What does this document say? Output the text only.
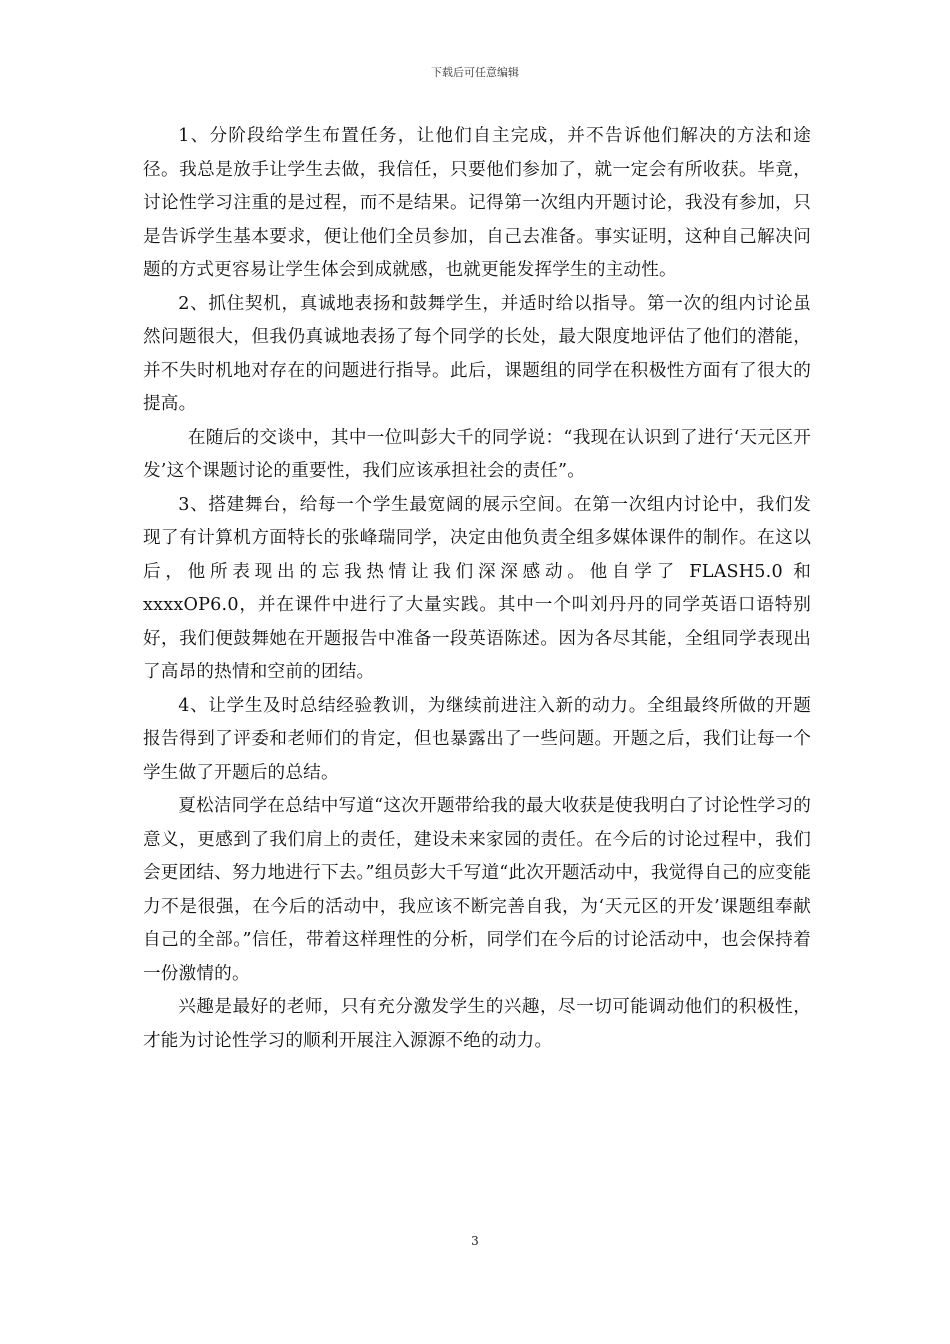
下载后可任意编辑

1、分阶段给学生布置任务，让他们自主完成，并不告诉他们解决的方法和途径。我总是放手让学生去做，我信任，只要他们参加了，就一定会有所收获。毕竟，讨论性学习注重的是过程，而不是结果。记得第一次组内开题讨论，我没有参加，只是告诉学生基本要求，便让他们全员参加，自己去准备。事实证明，这种自己解决问题的方式更容易让学生体会到成就感，也就更能发挥学生的主动性。

2、抓住契机，真诚地表扬和鼓舞学生，并适时给以指导。第一次的组内讨论虽然问题很大，但我仍真诚地表扬了每个同学的长处，最大限度地评估了他们的潜能，并不失时机地对存在的问题进行指导。此后，课题组的同学在积极性方面有了很大的提高。

在随后的交谈中，其中一位叫彭大千的同学说：“我现在认识到了进行‘天元区开发’这个课题讨论的重要性，我们应该承担社会的责任”。

3、搭建舞台，给每一个学生最宽阔的展示空间。在第一次组内讨论中，我们发现了有计算机方面特长的张峰瑞同学，决定由他负责全组多媒体课件的制作。在这以后，他所表现出的忘我热情让我们深深感动。他自学了 FLASH5.0 和 xxxxOP6.0，并在课件中进行了大量实践。其中一个叫刘丹丹的同学英语口语特别好，我们便鼓舞她在开题报告中准备一段英语陈述。因为各尽其能，全组同学表现出了高昂的热情和空前的团结。

4、让学生及时总结经验教训，为继续前进注入新的动力。全组最终所做的开题报告得到了评委和老师们的肯定，但也暴露出了一些问题。开题之后，我们让每一个学生做了开题后的总结。

夏松洁同学在总结中写道“这次开题带给我的最大收获是使我明白了讨论性学习的意义，更感到了我们肩上的责任，建设未来家园的责任。在今后的讨论过程中，我们会更团结、努力地进行下去。”组员彭大千写道“此次开题活动中，我觉得自己的应变能力不是很强，在今后的活动中，我应该不断完善自我，为‘天元区的开发’课题组奉献自己的全部。”信任，带着这样理性的分析，同学们在今后的讨论活动中，也会保持着一份激情的。

兴趣是最好的老师，只有充分激发学生的兴趣，尽一切可能调动他们的积极性，才能为讨论性学习的顺利开展注入源源不绝的动力。

3
